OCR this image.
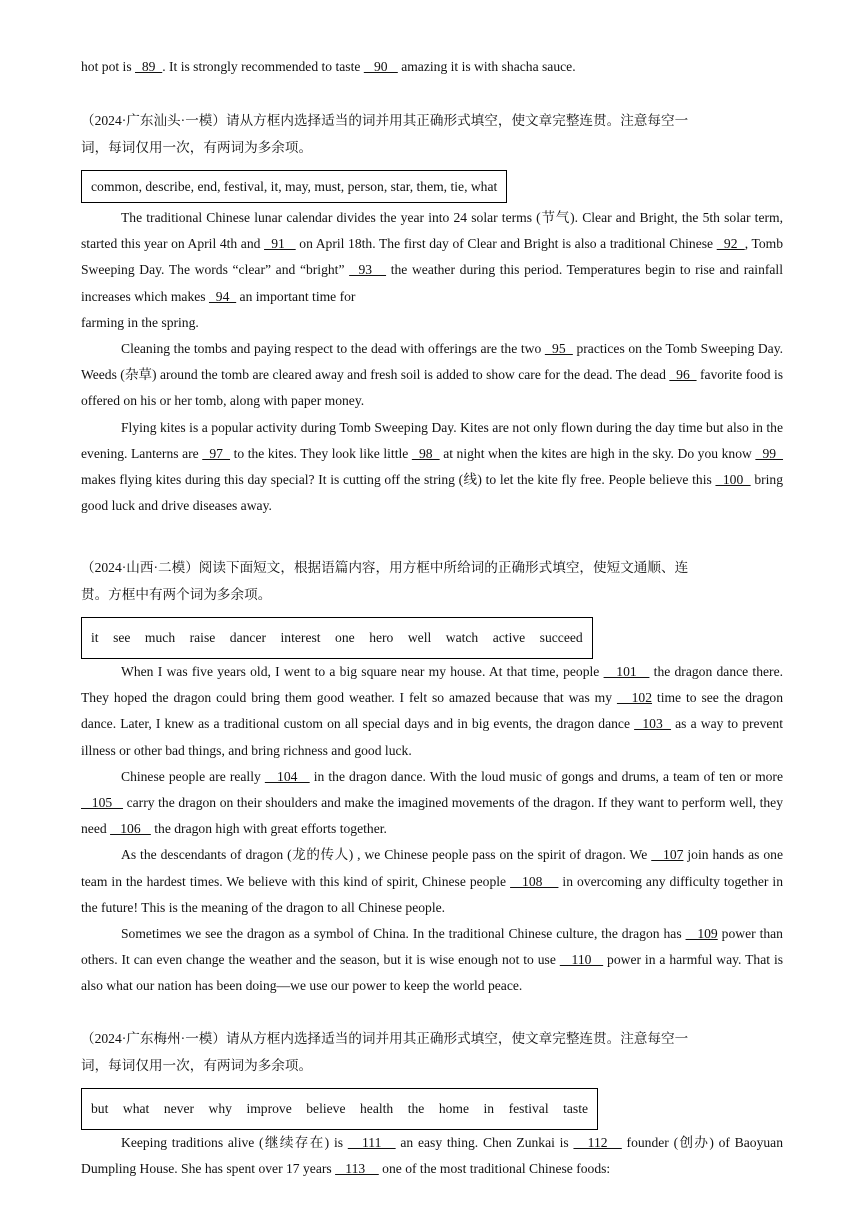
hot pot is   89  . It is strongly recommended to taste    90    amazing it is with shacha sauce.

（2024·广东汕头·一模）请从方框内选择适当的词并用其正确形式填空，使文章完整连贯。注意每空一
词，每词仅用一次，有两词为多余项。

common, describe, end, festival, it, may, must, person, star, them, tie, what

The traditional Chinese lunar calendar divides the year into 24 solar terms (节气). Clear and Bright, the 5th solar term, started this year on April 4th and   91    on April 18th. The first day of Clear and Bright is also a traditional Chinese   92  , Tomb Sweeping Day. The words “clear” and “bright”   93    the weather during this period. Temperatures begin to rise and rainfall increases which makes   94   an important time for

farming in the spring.

Cleaning the tombs and paying respect to the dead with offerings are the two   95   practices on the Tomb Sweeping Day. Weeds (杂草) around the tomb are cleared away and fresh soil is added to show care for the dead. The dead   96   favorite food is offered on his or her tomb, along with paper money.

Flying kites is a popular activity during Tomb Sweeping Day. Kites are not only flown during the day time but also in the evening. Lanterns are   97   to the kites. They look like little   98   at night when the kites are high in the sky. Do you know   99   makes flying kites during this day special? It is cutting off the string (线) to let the kite fly free. People believe this   100   bring good luck and drive diseases away.

（2024·山西·二模）阅读下面短文，根据语篇内容，用方框中所给词的正确形式填空，使短文通顺、连
贯。方框中有两个词为多余项。

it see much raise dancer interest one hero well watch active succeed

When I was five years old, I went to a big square near my house. At that time, people    101    the dragon dance there. They hoped the dragon could bring them good weather. I felt so amazed because that was my    102 time to see the dragon dance. Later, I knew as a traditional custom on all special days and in big events, the dragon dance   103   as a way to prevent illness or other bad things, and bring richness and good luck.

Chinese people are really    104    in the dragon dance. With the loud music of gongs and drums, a team of ten or more    105    carry the dragon on their shoulders and make the imagined movements of the dragon. If they want to perform well, they need    106    the dragon high with great efforts together.

As the descendants of dragon (龙的传人) , we Chinese people pass on the spirit of dragon. We    107 join hands as one team in the hardest times. We believe with this kind of spirit, Chinese people    108     in overcoming any difficulty together in the future! This is the meaning of the dragon to all Chinese people.

Sometimes we see the dragon as a symbol of China. In the traditional Chinese culture, the dragon has    109 power than others. It can even change the weather and the season, but it is wise enough not to use    110    power in a harmful way. That is also what our nation has been doing—we use our power to keep the world peace.

（2024·广东梅州·一模）请从方框内选择适当的词并用其正确形式填空，使文章完整连贯。注意每空一
词，每词仅用一次，有两词为多余项。

but what never why improve believe health the home in festival taste

Keeping traditions alive (继续存在) is    111    an easy thing. Chen Zunkai is    112    founder (创办) of Baoyuan Dumpling House. She has spent over 17 years    113     one of the most traditional Chinese foods:
